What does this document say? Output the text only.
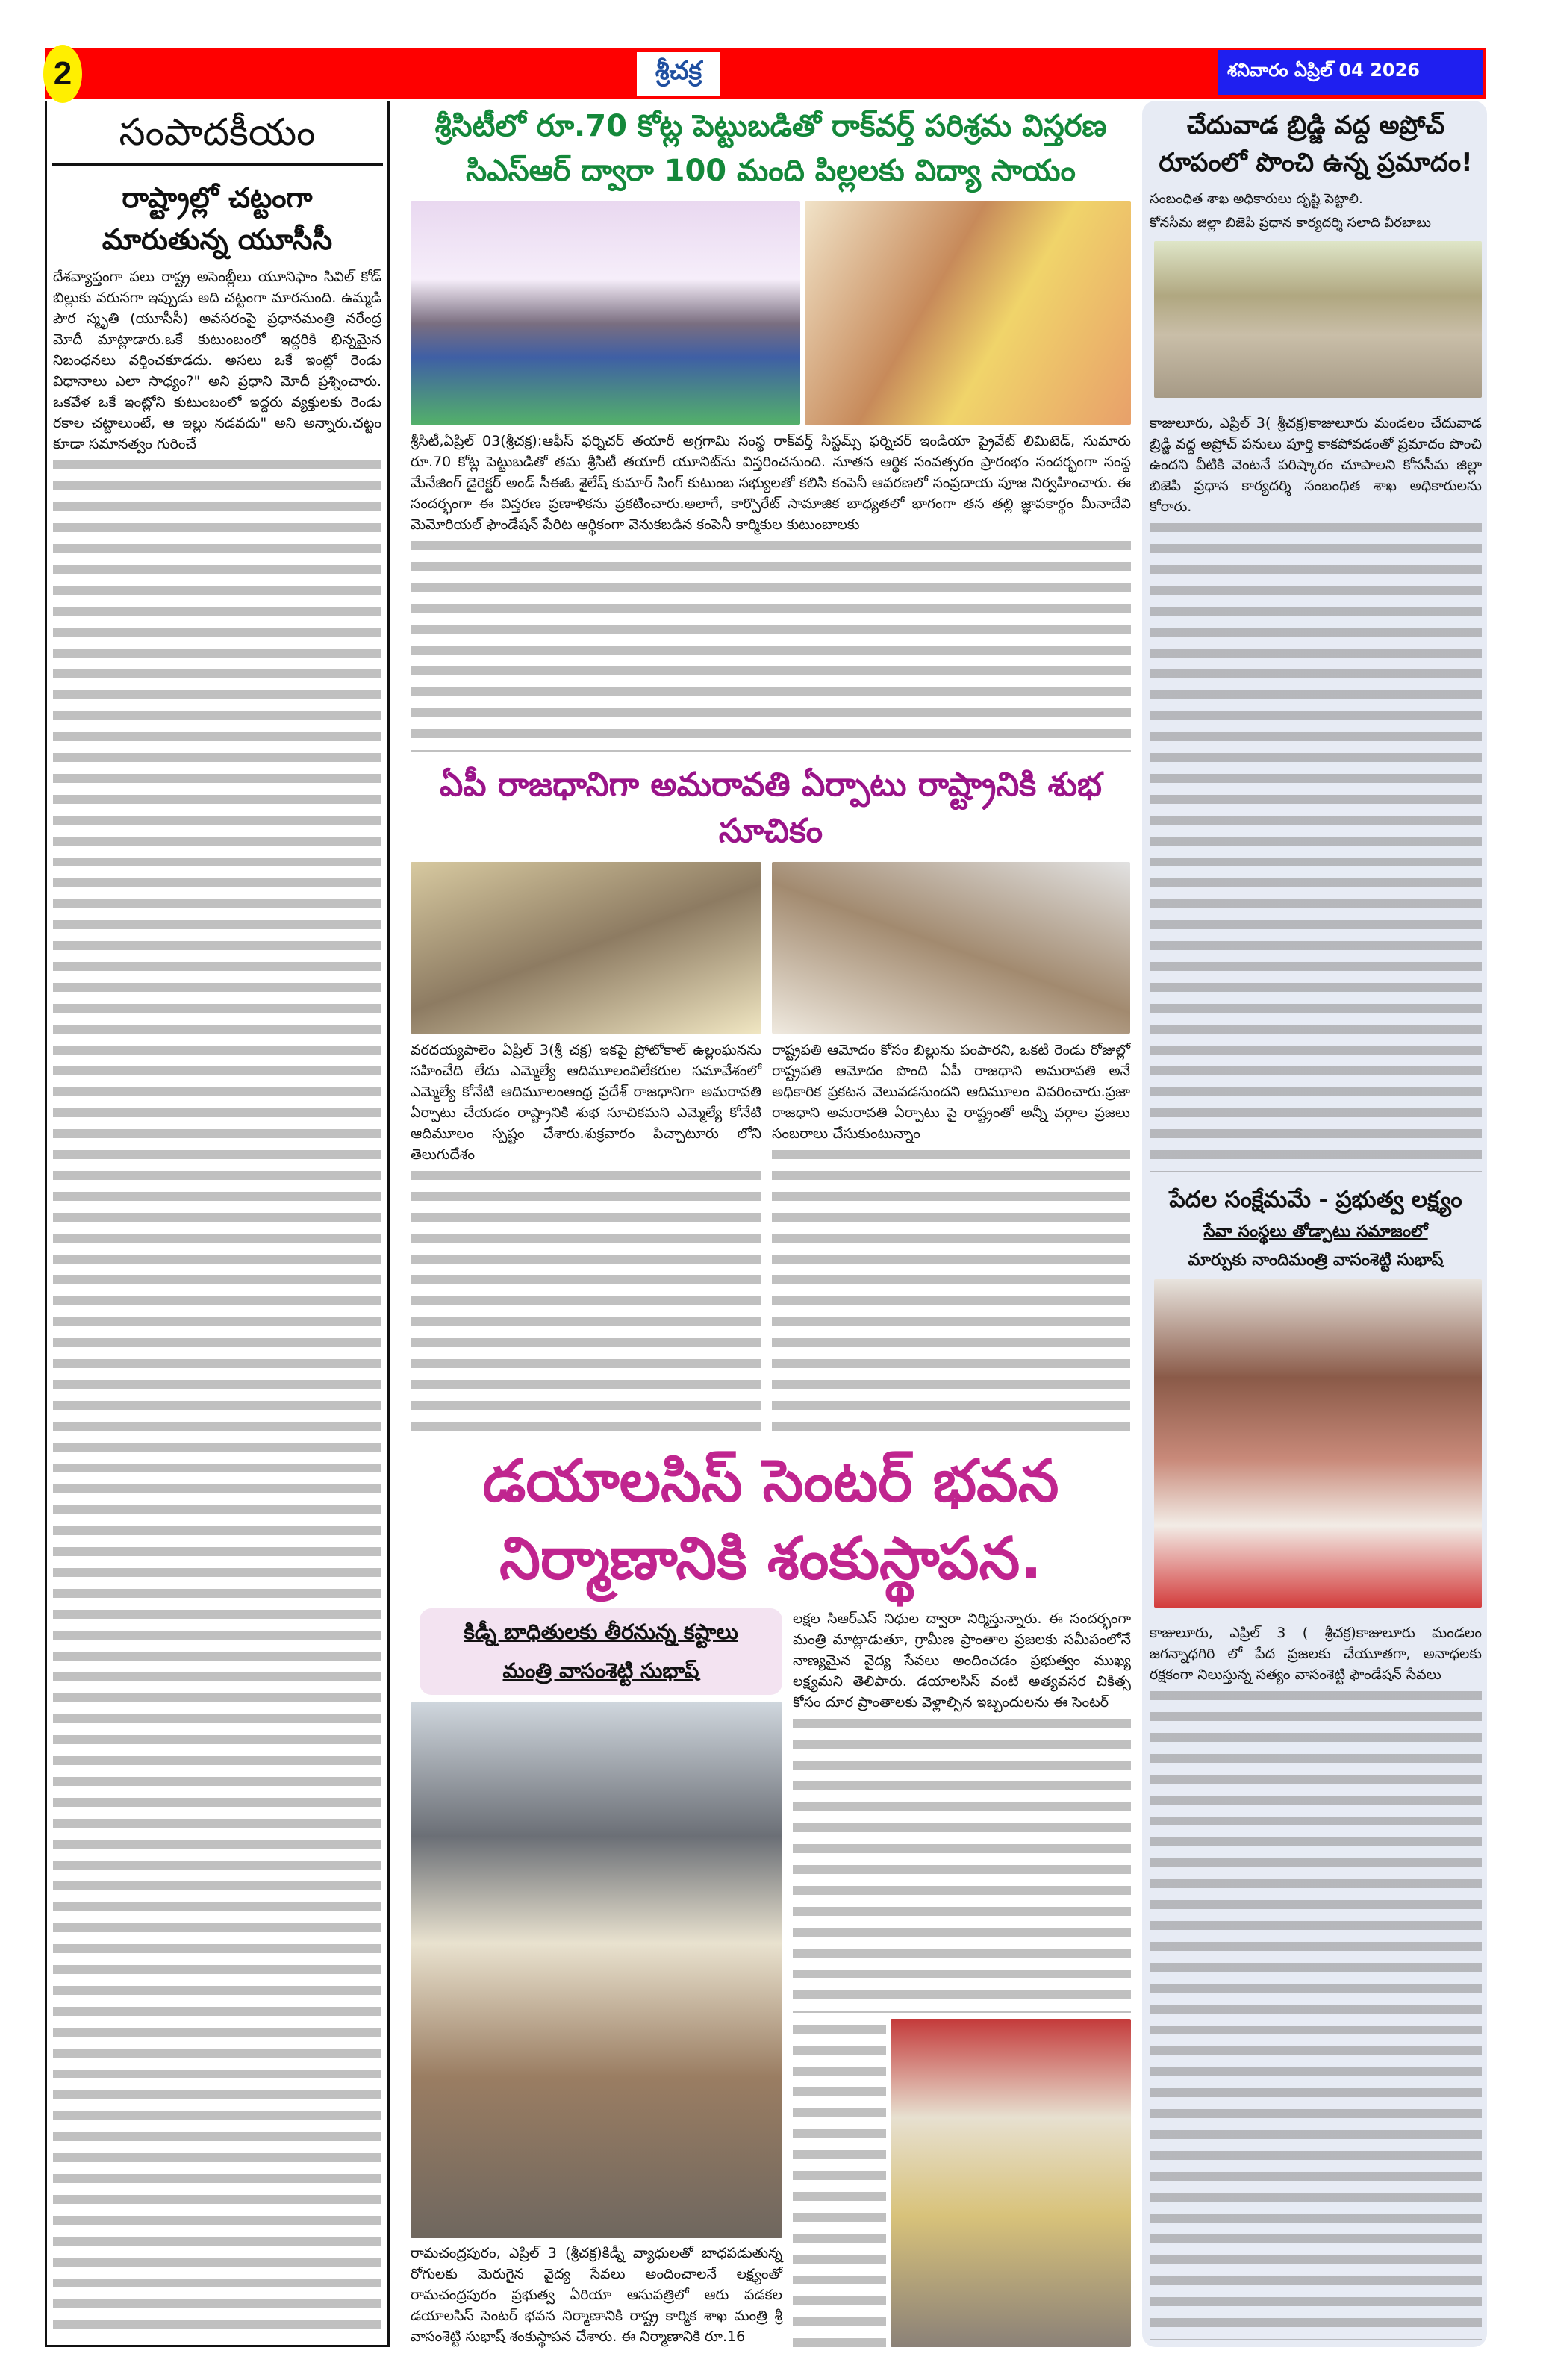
2	శ్రీచక్ర	శనివారం ఏప్రిల్ 04 2026
సంపాదకీయం
రాష్ట్రాల్లో చట్టంగా
మారుతున్న యూసీసీ
దేశవ్యాప్తంగా పలు రాష్ట్ర అసెంబ్లీలు యూనిఫాం సివిల్ కోడ్ బిల్లుకు వరుసగా ఇప్పుడు అది చట్టంగా మారనుంది. ఉమ్మడి పౌర స్మృతి (యూసీసీ) అవసరంపై ప్రధానమంత్రి నరేంద్ర మోదీ మాట్లాడారు.ఒకే కుటుంబంలో ఇద్దరికి భిన్నమైన నిబంధనలు వర్తించకూడదు. అసలు ఒకే ఇంట్లో రెండు విధానాలు ఎలా సాధ్యం?" అని ప్రధాని మోదీ ప్రశ్నించారు. ఒకవేళ ఒకే ఇంట్లోని కుటుంబంలో ఇద్దరు వ్యక్తులకు రెండు రకాల చట్టాలుంటే, ఆ ఇల్లు నడవదు" అని అన్నారు.చట్టం కూడా సమానత్వం గురించే
శ్రీసిటీలో రూ.70 కోట్ల పెట్టుబడితో రాక్‌వర్త్ పరిశ్రమ విస్తరణ
సిఎస్ఆర్ ద్వారా 100 మంది పిల్లలకు విద్యా సాయం
శ్రీసిటీ,ఏప్రిల్ 03(శ్రీచక్ర):ఆఫీస్ ఫర్నిచర్ తయారీ అగ్రగామి సంస్థ రాక్‌వర్త్ సిస్టమ్స్ ఫర్నిచర్ ఇండియా ప్రైవేట్ లిమిటెడ్, సుమారు రూ.70 కోట్ల పెట్టుబడితో తమ శ్రీసిటీ తయారీ యూనిట్‌ను విస్తరించనుంది. నూతన ఆర్థిక సంవత్సరం ప్రారంభం సందర్భంగా సంస్థ మేనేజింగ్ డైరెక్టర్ అండ్ సీఈఓ శైలేష్ కుమార్ సింగ్ కుటుంబ సభ్యులతో కలిసి కంపెనీ ఆవరణలో సంప్రదాయ పూజ నిర్వహించారు. ఈ సందర్భంగా ఈ విస్తరణ ప్రణాళికను ప్రకటించారు.అలాగే, కార్పొరేట్ సామాజిక బాధ్యతలో భాగంగా తన తల్లి జ్ఞాపకార్థం మీనాదేవి మెమోరియల్ ఫౌండేషన్ పేరిట ఆర్థికంగా వెనుకబడిన కంపెనీ కార్మికుల కుటుంబాలకు
ఏపీ రాజధానిగా అమరావతి ఏర్పాటు రాష్ట్రానికి శుభ సూచికం
వరదయ్యపాలెం ఏప్రిల్ 3(శ్రీ చక్ర) ఇకపై ప్రోటోకాల్ ఉల్లంఘనను సహించేది లేదు ఎమ్మెల్యే ఆదిమూలంవిలేకరుల సమావేశంలో ఎమ్మెల్యే కోనేటి ఆదిమూలంఆంధ్ర ప్రదేశ్ రాజధానిగా అమరావతి ఏర్పాటు చేయడం రాష్ట్రానికి శుభ సూచికమని ఎమ్మెల్యే కోనేటి ఆదిమూలం స్పష్టం చేశారు.శుక్రవారం పిచ్చాటూరు లోని తెలుగుదేశం
రాష్ట్రపతి ఆమోదం కోసం బిల్లును పంపారని, ఒకటి రెండు రోజుల్లో రాష్ట్రపతి ఆమోదం పొంది ఏపీ రాజధాని అమరావతి అనే అధికారిక ప్రకటన వెలువడనుందని ఆదిమూలం వివరించారు.ప్రజా రాజధాని అమరావతి ఏర్పాటు పై రాష్ట్రంతో అన్నీ వర్గాల ప్రజలు సంబరాలు చేసుకుంటున్నాం
డయాలసిస్ సెంటర్ భవన
నిర్మాణానికి శంకుస్థాపన.
కిడ్నీ బాధితులకు తీరనున్న కష్టాలు
మంత్రి వాసంశెట్టి సుభాష్
రామచంద్రపురం, ఎప్రిల్ 3 (శ్రీచక్ర)కిడ్నీ వ్యాధులతో బాధపడుతున్న రోగులకు మెరుగైన వైద్య సేవలు అందించాలనే లక్ష్యంతో రామచంద్రపురం ప్రభుత్వ ఏరియా ఆసుపత్రిలో ఆరు పడకల డయాలసిస్ సెంటర్ భవన నిర్మాణానికి రాష్ట్ర కార్మిక శాఖ మంత్రి శ్రీ వాసంశెట్టి సుభాష్ శంకుస్థాపన చేశారు. ఈ నిర్మాణానికి రూ.16
లక్షల సిఆర్ఎస్ నిధుల ద్వారా నిర్మిస్తున్నారు. ఈ సందర్భంగా మంత్రి మాట్లాడుతూ, గ్రామీణ ప్రాంతాల ప్రజలకు సమీపంలోనే నాణ్యమైన వైద్య సేవలు అందించడం ప్రభుత్వం ముఖ్య లక్ష్యమని తెలిపారు. డయాలసిస్ వంటి అత్యవసర చికిత్స కోసం దూర ప్రాంతాలకు వెళ్లాల్సిన ఇబ్బందులను ఈ సెంటర్
చేదువాడ బ్రిడ్జి వద్ద అప్రోచ్
రూపంలో పొంచి ఉన్న ప్రమాదం!
సంబంధిత శాఖ అధికారులు దృష్టి పెట్టాలి.
కోనసీమ జిల్లా బిజెపి ప్రధాన కార్యదర్శి సలాది వీరబాబు
కాజులూరు, ఎప్రిల్ 3( శ్రీచక్ర)కాజులూరు మండలం చేదువాడ బ్రిడ్జి వద్ద అప్రోచ్ పనులు పూర్తి కాకపోవడంతో ప్రమాదం పొంచి ఉందని వీటికి వెంటనే పరిష్కారం చూపాలని కోనసీమ జిల్లా బిజెపి ప్రధాన కార్యదర్శి సంబంధిత శాఖ అధికారులను కోరారు.
పేదల సంక్షేమమే - ప్రభుత్వ లక్ష్యం
సేవా సంస్థలు తోడ్పాటు సమాజంలో
మార్పుకు నాందిమంత్రి వాసంశెట్టి సుభాష్
కాజులూరు, ఎప్రిల్ 3 ( శ్రీచక్ర)కాజులూరు మండలం జగన్నాధగిరి లో పేద ప్రజలకు చేయూతగా, అనాధలకు రక్షకంగా నిలుస్తున్న సత్యం వాసంశెట్టి ఫౌండేషన్ సేవలు
